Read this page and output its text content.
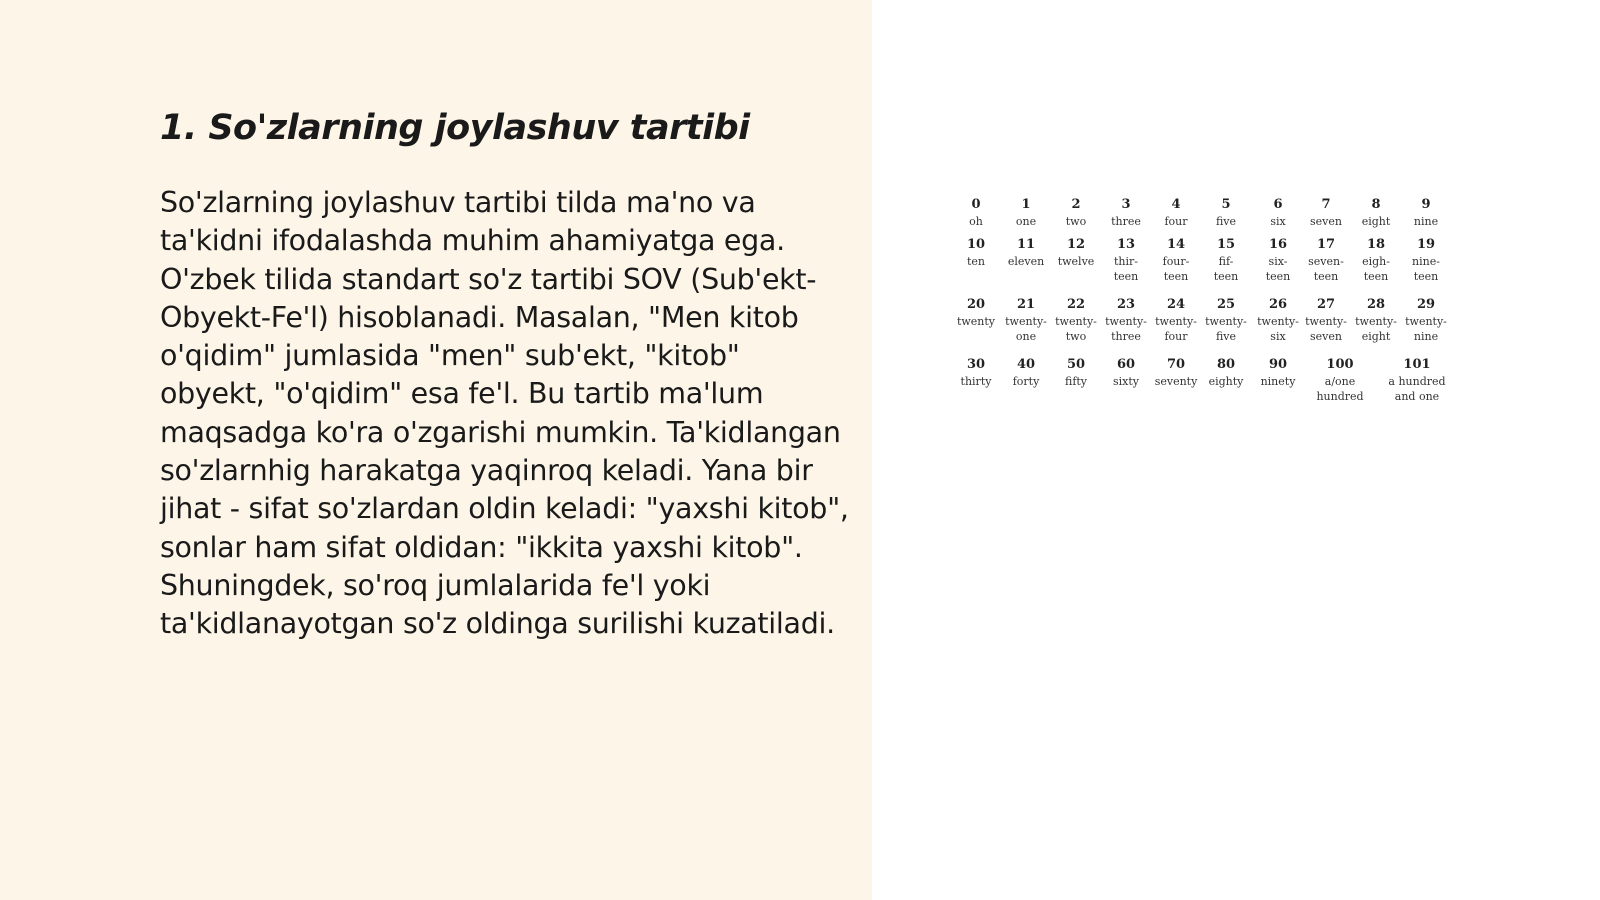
1. So'zlarning joylashuv tartibi

So'zlarning joylashuv tartibi tilda ma'no va ta'kidni ifodalashda muhim ahamiyatga ega. O'zbek tilida standart so'z tartibi SOV (Sub'ekt-Obyekt-Fe'l) hisoblanadi. Masalan, "Men kitob o'qidim" jumlasida "men" sub'ekt, "kitob" obyekt, "o'qidim" esa fe'l. Bu tartib ma'lum maqsadga ko'ra o'zgarishi mumkin. Ta'kidlangan so'zlarnhig harakatga yaqinroq keladi. Yana bir jihat - sifat so'zlardan oldin keladi: "yaxshi kitob", sonlar ham sifat oldidan: "ikkita yaxshi kitob". Shuningdek, so'roq jumlalarida fe'l yoki ta'kidlanayotgan so'z oldinga surilishi kuzatiladi.

0
oh
1
one
2
two
3
three
4
four
5
five
6
six
7
seven
8
eight
9
nine
10
ten
11
eleven
12
twelve
13
thir-
teen
14
four-
teen
15
fif-
teen
16
six-
teen
17
seven-
teen
18
eigh-
teen
19
nine-
teen
20
twenty
21
twenty-
one
22
twenty-
two
23
twenty-
three
24
twenty-
four
25
twenty-
five
26
twenty-
six
27
twenty-
seven
28
twenty-
eight
29
twenty-
nine
30
thirty
40
forty
50
fifty
60
sixty
70
seventy
80
eighty
90
ninety
100
a/one
hundred
101
a hundred
and one
